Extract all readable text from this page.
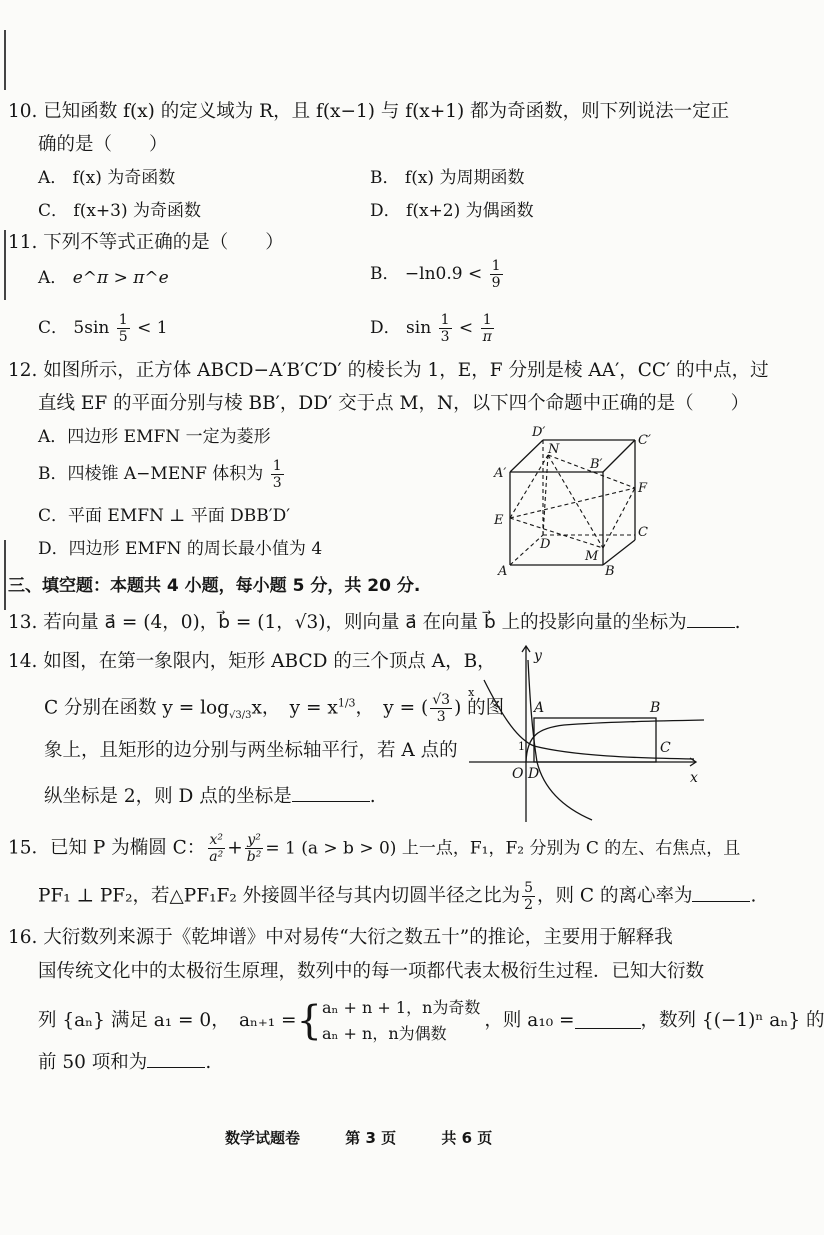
10. 已知函数 f(x) 的定义域为 R，且 f(x−1) 与 f(x+1) 都为奇函数，则下列说法一定正
确的是（　　）
A． f(x) 为奇函数	B． f(x) 为周期函数
C． f(x+3) 为奇函数	D． f(x+2) 为偶函数
11. 下列不等式正确的是（　　）
A． e^π > π^e	B． $-\ln 0.9 < \frac{1}{9}$
C． $5\sin \frac{1}{5} < 1$	D． $\sin \frac{1}{3} < \frac{1}{\pi}$
12. 如图所示，正方体 ABCD−A′B′C′D′ 的棱长为 1，E，F 分别是棱 AA′，CC′ 的中点，过
直线 EF 的平面分别与棱 BB′，DD′ 交于点 M，N，以下四个命题中正确的是（　　）
A．四边形 EMFN 一定为菱形
B．四棱锥 A−MENF 体积为 $\frac{1}{3}$
C．平面 EMFN ⊥ 平面 DBB′D′
D．四边形 EMFN 的周长最小值为 4
D′
C′
N
B′
A′
F
E
C
D
M
A	B
三、填空题：本题共 4 小题，每小题 5 分，共 20 分.
13. 若向量 a⃗ = (4，0)，b⃗ = (1，√3)，则向量 a⃗ 在向量 b⃗ 上的投影向量的坐标为	.
14. 如图，在第一象限内，矩形 ABCD 的三个顶点 A，B，
C 分别在函数 $y = \log_{√3/3}x$，　$y = x^{1/3}$，　y = ( $\frac{√3}{3}$ ) 的图$^x$
象上，且矩形的边分别与两坐标轴平行，若 A 点的
纵坐标是 2，则 D 点的坐标是	.
y
x
O D
A	B
C
1
15．已知 P 为椭圆 C： $\frac{\text{x²}}{\text{a²}} + \frac{\text{y²}}{\text{b²}} = 1$ (a > b > 0) 上一点，F₁，F₂ 分别为 C 的左、右焦点，且
PF₁ ⊥ PF₂，若△PF₁F₂ 外接圆半径与其内切圆半径之比为 $\frac{5}{2}$ ，则 C 的离心率为	.
16. 大衍数列来源于《乾坤谱》中对易传“大衍之数五十”的推论，主要用于解释我
国传统文化中的太极衍生原理，数列中的每一项都代表太极衍生过程．已知大衍数
列 {aₙ} 满足 a₁ = 0，　aₙ₊₁ = { aₙ + n + 1，n为奇数
aₙ + n，n为偶数
，则 a₁₀ =	，数列 {(−1)ⁿ aₙ} 的
前 50 项和为	.
数学试题卷	第 3 页	共 6 页
